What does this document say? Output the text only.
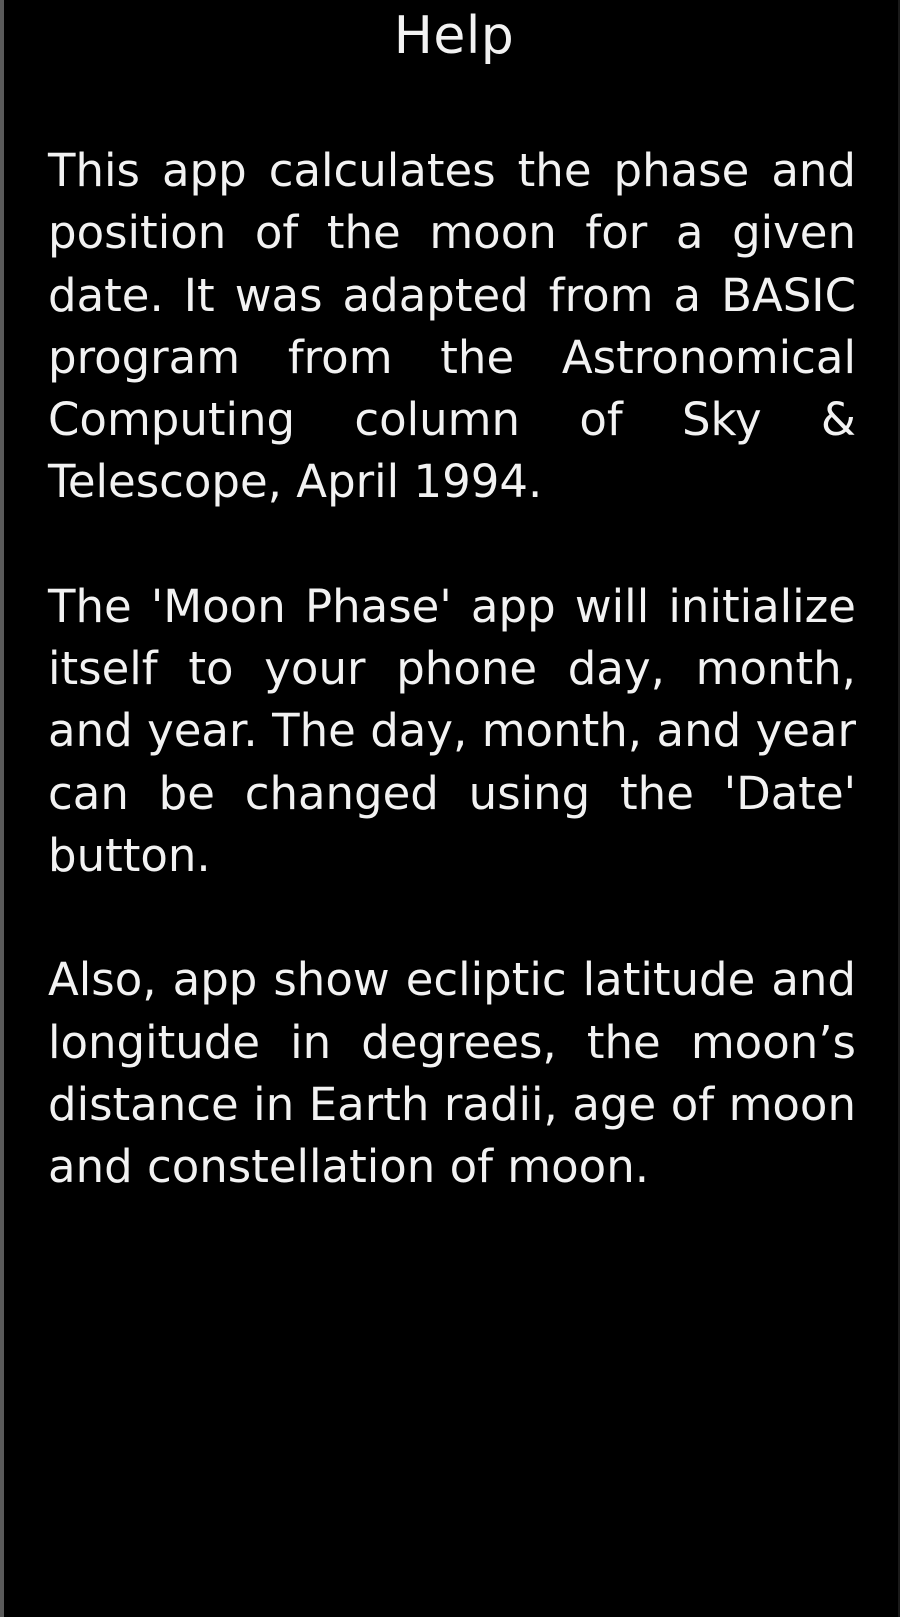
Help

This app calculates the phase and position of the moon for a given date. It was adapted from a BASIC program from the Astronomical Computing column of Sky & Telescope, April 1994.

The 'Moon Phase' app will initialize itself to your phone day, month, and year. The day, month, and year can be changed using the 'Date' button.

Also, app show ecliptic latitude and longitude in degrees, the moon’s distance in Earth radii, age of moon and constellation of moon.
